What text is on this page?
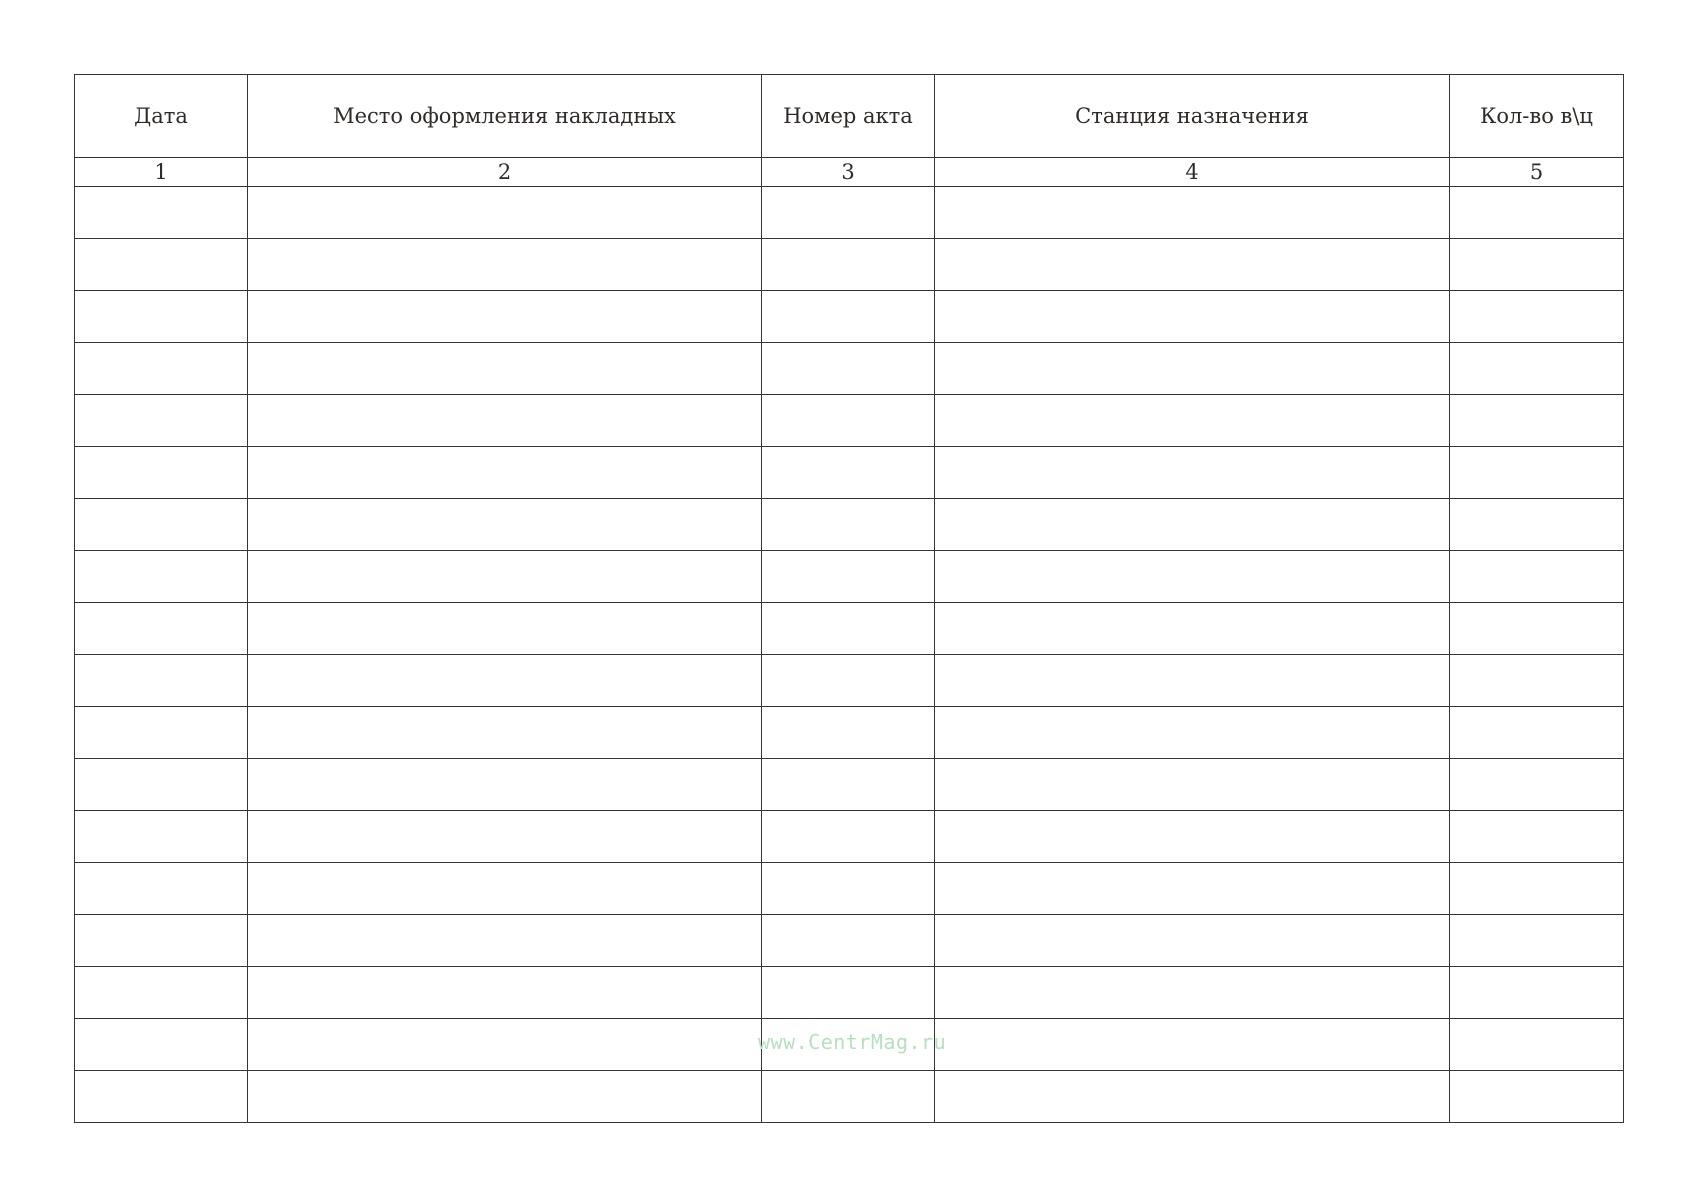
Дата	Место оформления накладных	Номер акта	Станция назначения	Кол-во в\ц
1	2	3	4	5

www.CentrMag.ru
